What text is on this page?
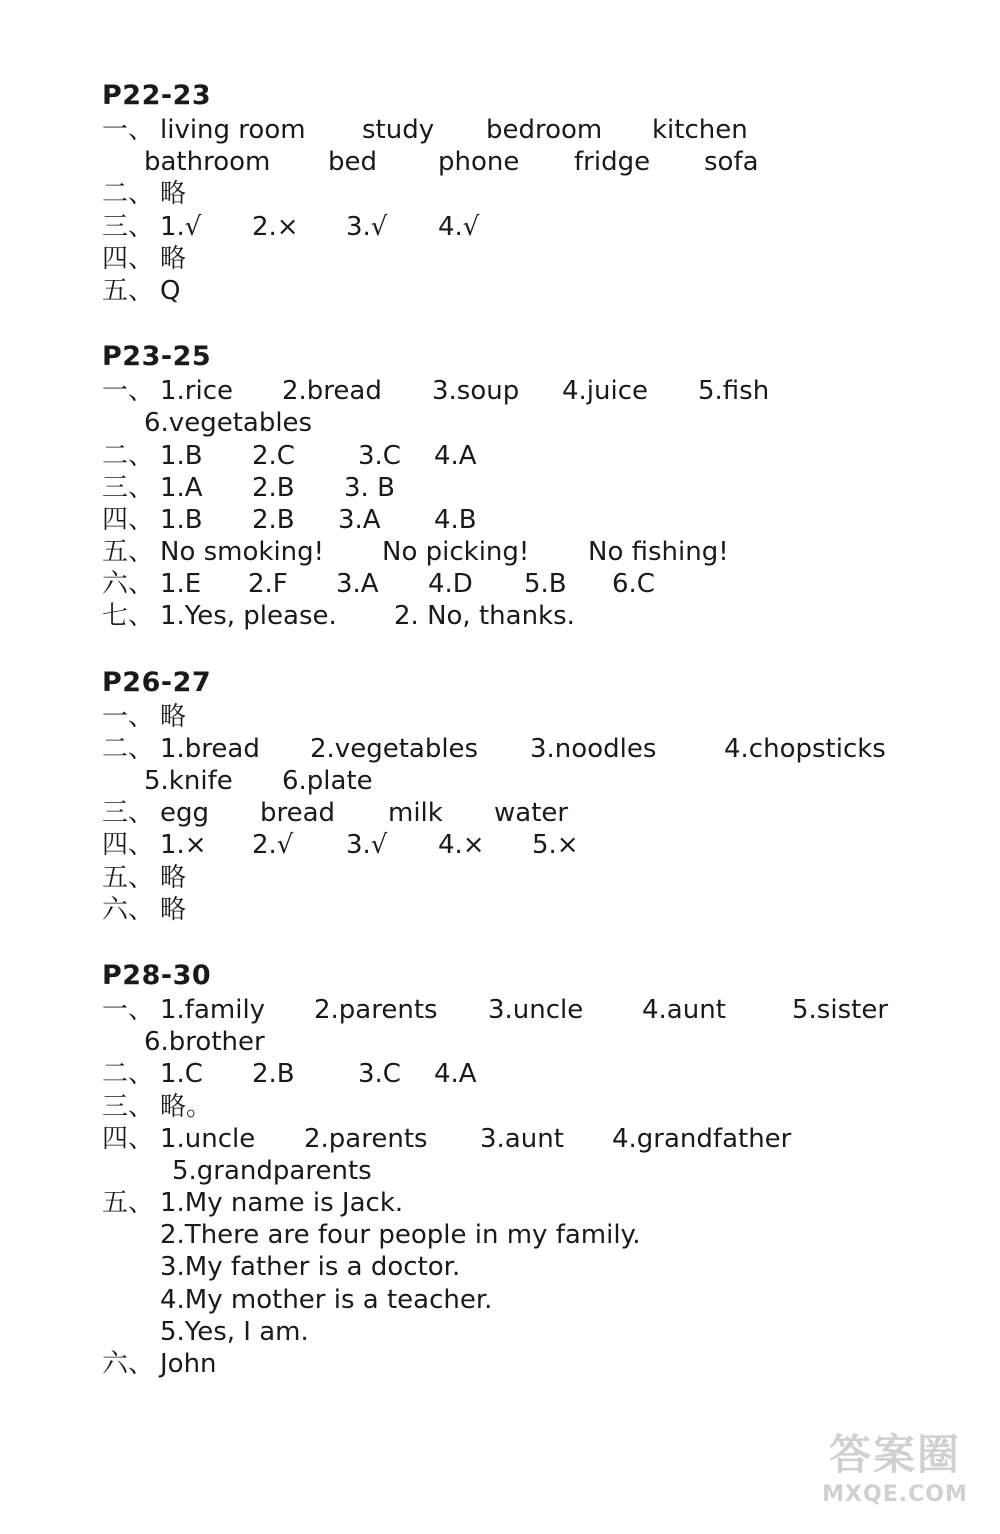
P22-23
一、 living room study bedroom kitchen
bathroom bed phone fridge sofa
二、 略
三、 1.√ 2.× 3.√ 4.√
四、 略
五、 Q
P23-25
一、 1.rice 2.bread 3.soup 4.juice 5.fish
6.vegetables
二、 1.B 2.C 3.C 4.A
三、 1.A 2.B 3. B
四、 1.B 2.B 3.A 4.B
五、 No smoking! No picking! No fishing!
六、 1.E 2.F 3.A 4.D 5.B 6.C
七、 1.Yes, please. 2. No, thanks.
P26-27
一、 略
二、 1.bread 2.vegetables 3.noodles	4.chopsticks
5.knife 6.plate
三、 egg bread milk water
四、 1.× 2.√ 3.√ 4.× 5.×
五、 略
六、 略
P28-30
一、 1.family 2.parents 3.uncle 4.aunt	5.sister
6.brother
二、 1.C 2.B 3.C 4.A
三、 略。
四、 1.uncle 2.parents 3.aunt 4.grandfather
5.grandparents
五、 1.My name is Jack.
2.There are four people in my family.
3.My father is a doctor.
4.My mother is a teacher.
5.Yes, I am.
六、 John
答案圈
MXQE.COM
